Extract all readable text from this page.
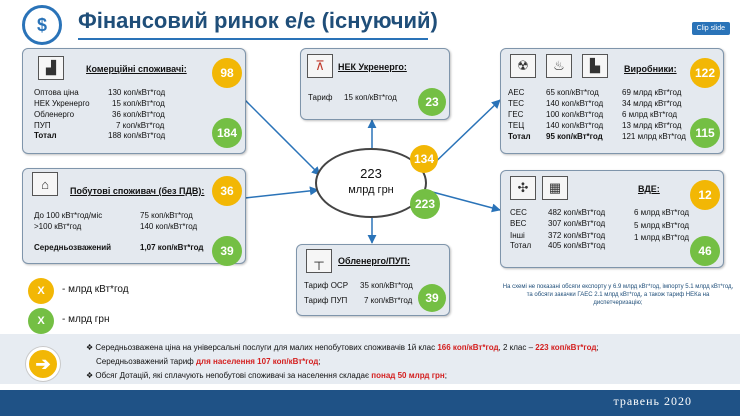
$	Фінансовий ринок е/е (існуючий)	Clip slide
▟	Комерційні споживачі:
Оптова ціна	130 коп/кВт*год
НЕК Укренерго	15 коп/кВт*год
Обленерго	36 коп/кВт*год
ПУП	7 коп/кВт*год
Тотал	188 коп/кВт*год
98
184
⌂	Побутові споживач (без ПДВ):
До 100 кВт*год/міс	75 коп/кВт*год
>100 кВт*год	140 коп/кВт*год
Середньозважений	1,07 коп/кВт*год
36
39
⊼	НЕК Укренерго:
Тариф 15 коп/кВт*год	23
223
млрд грн
134
223
┬	Обленерго/ПУП:
Тариф ОСР 35 коп/кВт*год
Тариф ПУП 7 коп/кВт*год	39
☢	♨	▙	Виробники:
АЕС	65 коп/кВт*год	69 млрд кВт*год
ТЕС	140 коп/кВт*год 34 млрд кВт*год
ГЕС	100 коп/кВт*год 6 млрд кВт*год
ТЕЦ	140 коп/кВт*год 13 млрд кВт*год
Тотал 95 коп/кВт*год 121 млрд кВт*год
122
115
✣	▦	ВДЕ:
СЕС	482 коп/кВт*год	6 млрд кВт*год
ВЕС	307 коп/кВт*год	5 млрд кВт*год
Інші	372 коп/кВт*год	1 млрд кВт*год
Тотал 405 коп/кВт*год
12
46
На схемі не показані обсяги експорту у 6.9 млрд кВт*год, імпорту 5.1 млрд кВт*год, та обсяги закачки ГАЕС 2.1 млрд кВт*год, а також тариф НЕКа на диспетчеризацію;
Х	- млрд кВт*год
Х	- млрд грн
➔
❖ Середньозважена ціна на універсальні послуги для малих непобутових споживачів 1й клас 166 коп/кВт*год, 2 клас – 223 коп/кВт*год;
Середньозважений тариф для населення 107 коп/кВт*год;
❖ Обсяг Дотацій, які сплачують непобутові споживачі за населення складає понад 50 млрд грн;
травень 2020
